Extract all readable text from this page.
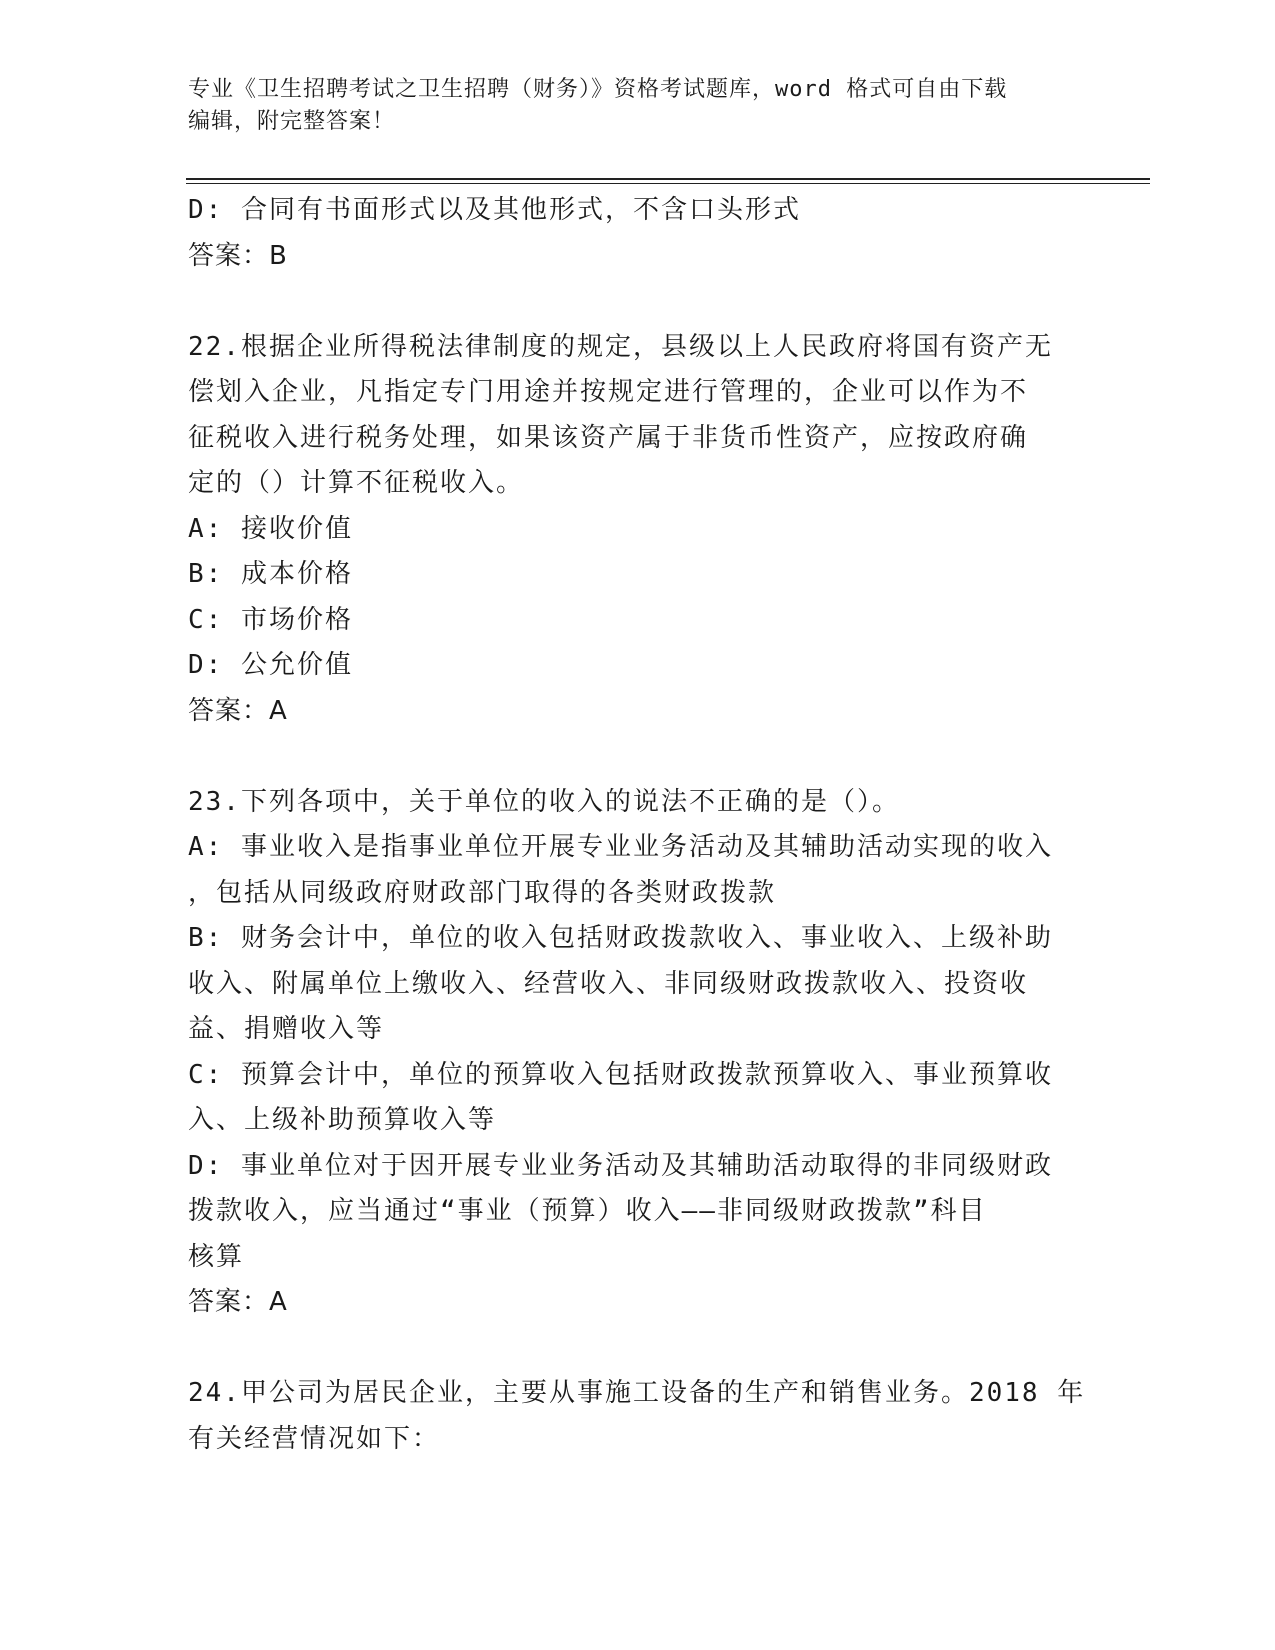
专业《卫生招聘考试之卫生招聘（财务）》资格考试题库，word 格式可自由下载
编辑，附完整答案！
D: 合同有书面形式以及其他形式，不含口头形式
答案：B
22.根据企业所得税法律制度的规定，县级以上人民政府将国有资产无
偿划入企业，凡指定专门用途并按规定进行管理的，企业可以作为不
征税收入进行税务处理，如果该资产属于非货币性资产，应按政府确
定的（）计算不征税收入。
A: 接收价值
B: 成本价格
C: 市场价格
D: 公允价值
答案：A
23.下列各项中，关于单位的收入的说法不正确的是（）。
A: 事业收入是指事业单位开展专业业务活动及其辅助活动实现的收入
，包括从同级政府财政部门取得的各类财政拨款
B: 财务会计中，单位的收入包括财政拨款收入、事业收入、上级补助
收入、附属单位上缴收入、经营收入、非同级财政拨款收入、投资收
益、捐赠收入等
C: 预算会计中，单位的预算收入包括财政拨款预算收入、事业预算收
入、上级补助预算收入等
D: 事业单位对于因开展专业业务活动及其辅助活动取得的非同级财政
拨款收入，应当通过“事业（预算）收入——非同级财政拨款”科目
核算
答案：A
24.甲公司为居民企业，主要从事施工设备的生产和销售业务。2018 年
有关经营情况如下：
